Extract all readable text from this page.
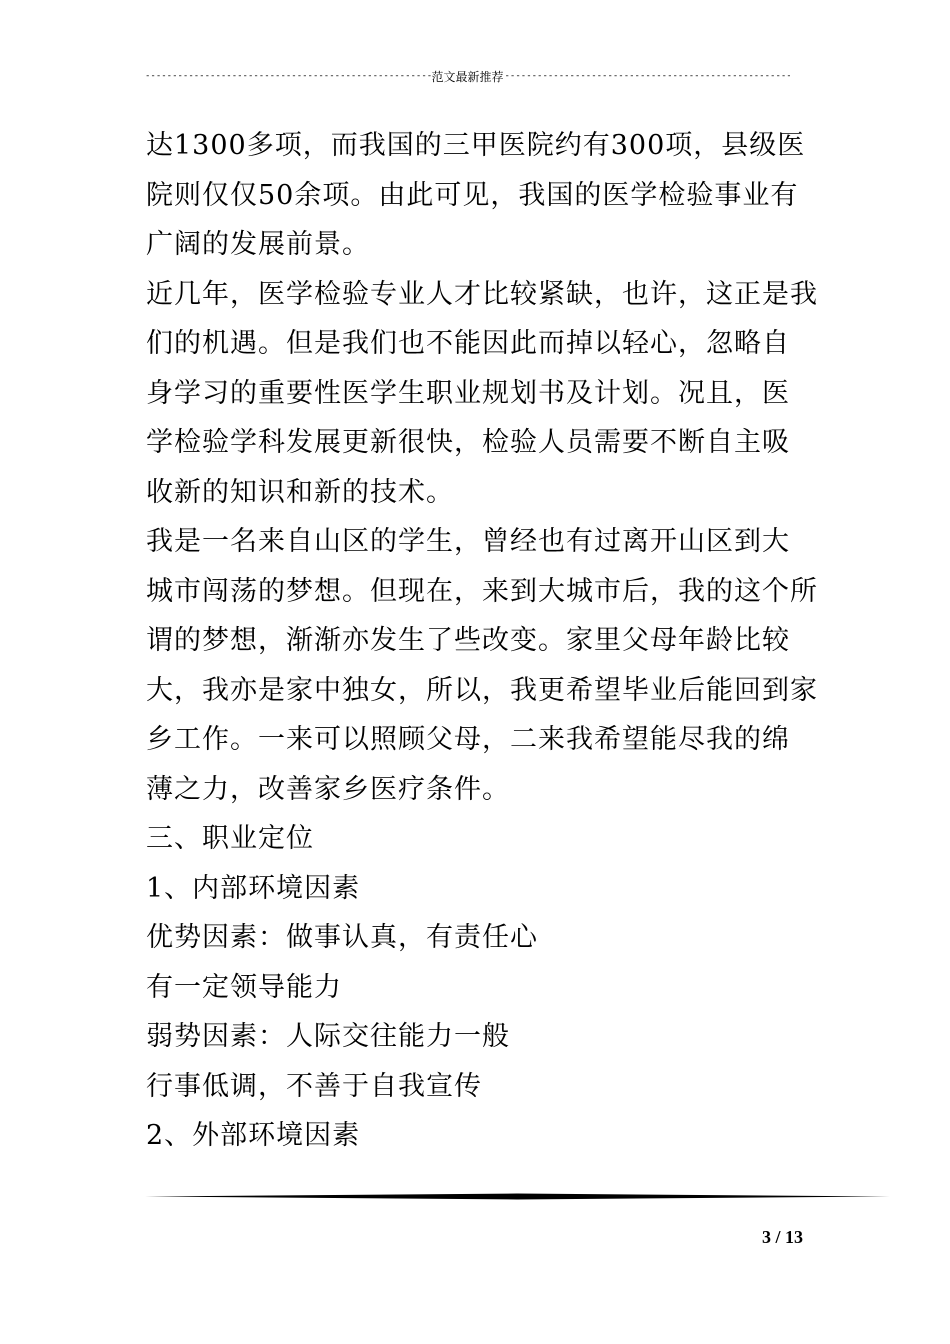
-----
范文最新推荐
-----
达1300多项，而我国的三甲医院约有300项，县级医
院则仅仅50余项。由此可见，我国的医学检验事业有
广阔的发展前景。
近几年，医学检验专业人才比较紧缺，也许，这正是我
们的机遇。但是我们也不能因此而掉以轻心，忽略自
身学习的重要性医学生职业规划书及计划。况且，医
学检验学科发展更新很快，检验人员需要不断自主吸
收新的知识和新的技术。
我是一名来自山区的学生，曾经也有过离开山区到大
城市闯荡的梦想。但现在，来到大城市后，我的这个所
谓的梦想，渐渐亦发生了些改变。家里父母年龄比较
大，我亦是家中独女，所以，我更希望毕业后能回到家
乡工作。一来可以照顾父母，二来我希望能尽我的绵
薄之力，改善家乡医疗条件。
三、职业定位
1、内部环境因素
优势因素：做事认真，有责任心
有一定领导能力
弱势因素：人际交往能力一般
行事低调，不善于自我宣传
2、外部环境因素
3 / 13
